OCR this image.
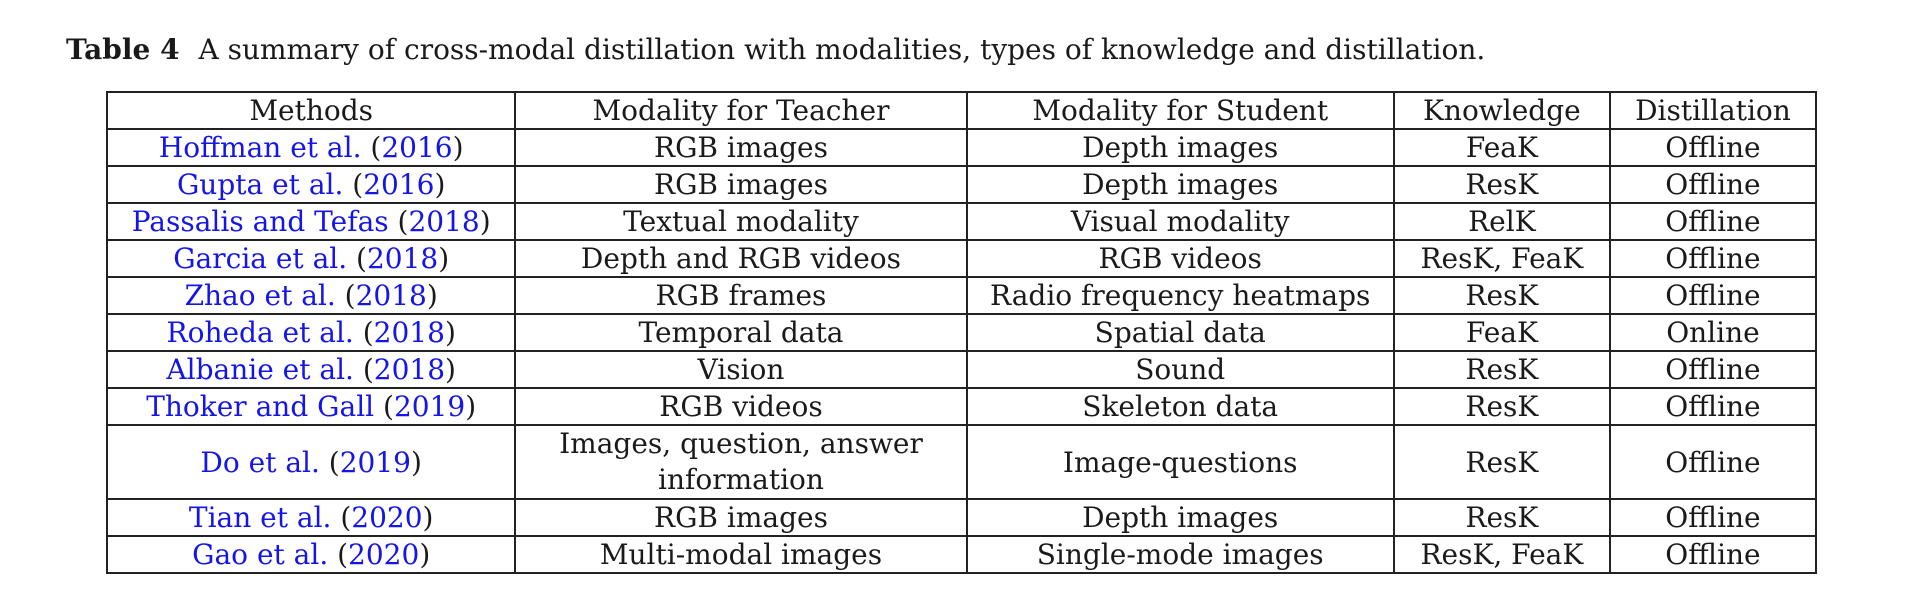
Table 4 A summary of cross-modal distillation with modalities, types of knowledge and distillation.
Methods	Modality for Teacher	Modality for Student	Knowledge	Distillation
Hoffman et al. (2016)	RGB images	Depth images	FeaK	Offline
Gupta et al. (2016)	RGB images	Depth images	ResK	Offline
Passalis and Tefas (2018)	Textual modality	Visual modality	RelK	Offline
Garcia et al. (2018)	Depth and RGB videos	RGB videos	ResK, FeaK	Offline
Zhao et al. (2018)	RGB frames	Radio frequency heatmaps	ResK	Offline
Roheda et al. (2018)	Temporal data	Spatial data	FeaK	Online
Albanie et al. (2018)	Vision	Sound	ResK	Offline
Thoker and Gall (2019)	RGB videos	Skeleton data	ResK	Offline
Do et al. (2019)	Images, question, answer information	Image-questions	ResK	Offline
Tian et al. (2020)	RGB images	Depth images	ResK	Offline
Gao et al. (2020)	Multi-modal images	Single-mode images	ResK, FeaK	Offline
